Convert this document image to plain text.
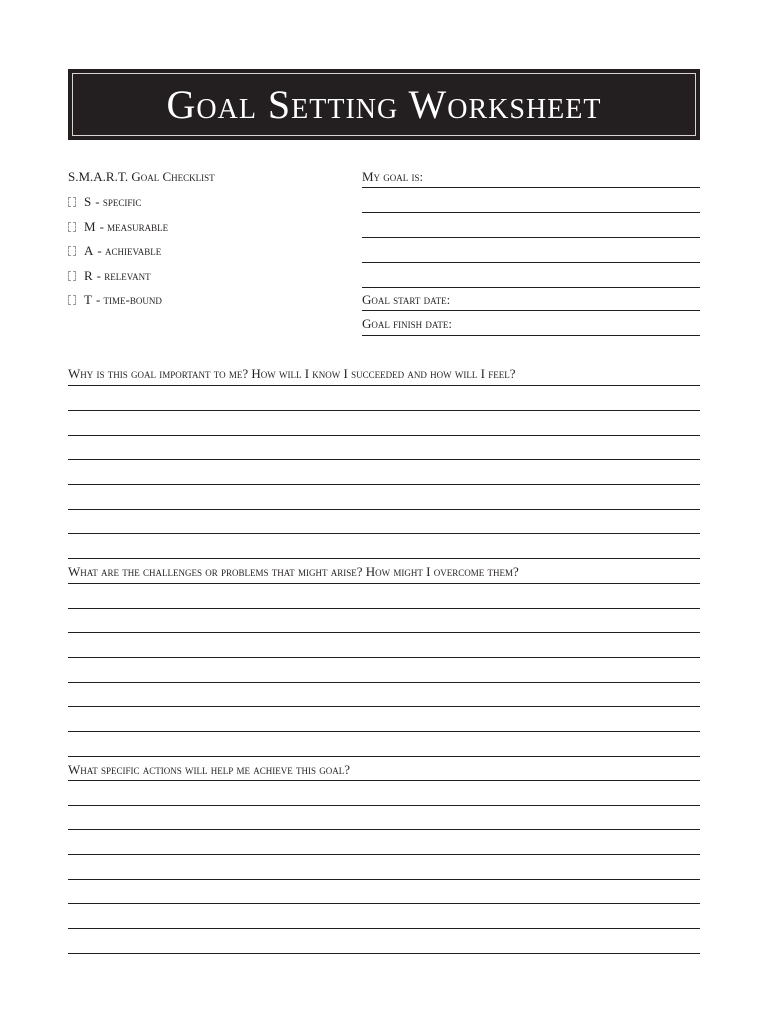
Goal Setting Worksheet
S.M.A.R.T. Goal Checklist
S - specific
M - measurable
A - achievable
R - relevant
T - time-bound
My goal is:
Goal start date:
Goal finish date:
Why is this goal important to me? How will I know I succeeded and how will I feel?
What are the challenges or problems that might arise? How might I overcome them?
What specific actions will help me achieve this goal?
